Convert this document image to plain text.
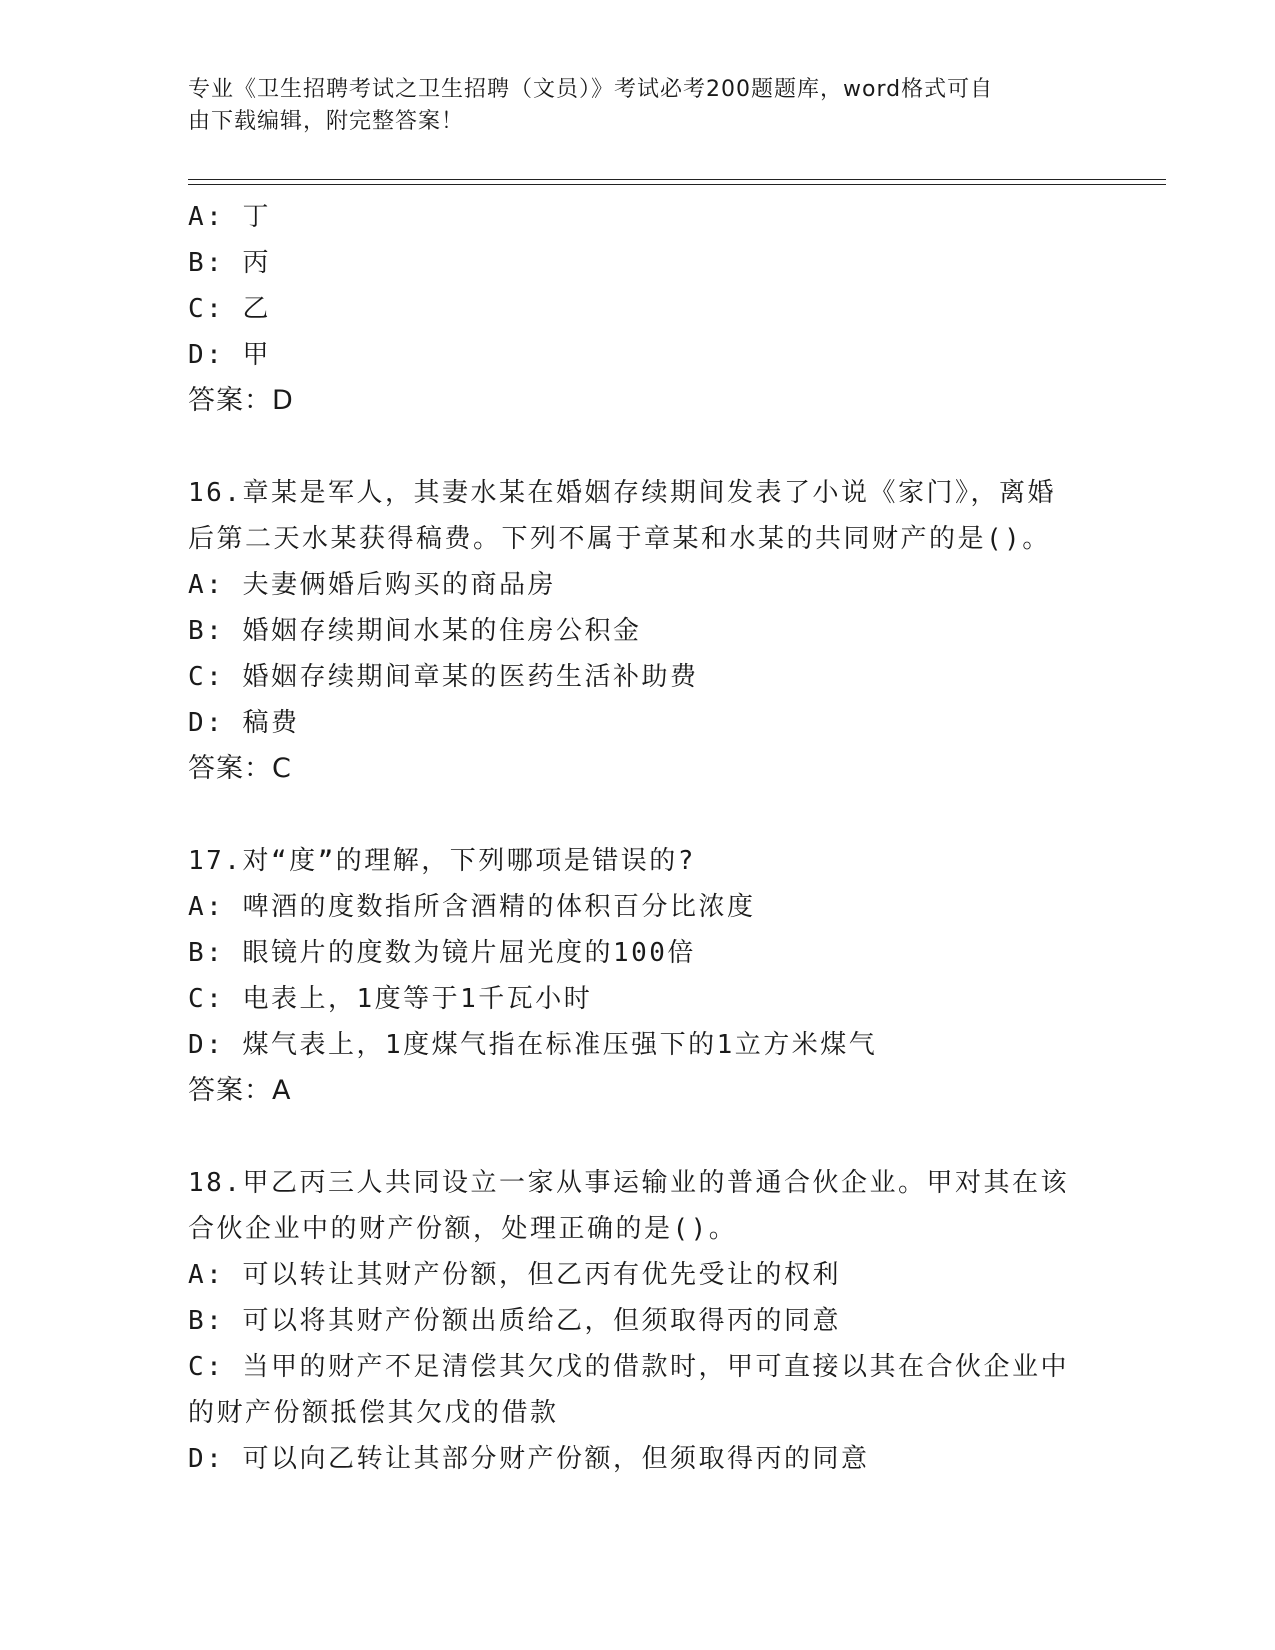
专业《卫生招聘考试之卫生招聘（文员）》考试必考200题题库，word格式可自
由下载编辑，附完整答案！
A: 丁
B: 丙
C: 乙
D: 甲
答案：D
16.章某是军人，其妻水某在婚姻存续期间发表了小说《家门》，离婚
后第二天水某获得稿费。下列不属于章某和水某的共同财产的是()。
A: 夫妻俩婚后购买的商品房
B: 婚姻存续期间水某的住房公积金
C: 婚姻存续期间章某的医药生活补助费
D: 稿费
答案：C
17.对“度”的理解，下列哪项是错误的?
A: 啤酒的度数指所含酒精的体积百分比浓度
B: 眼镜片的度数为镜片屈光度的100倍
C: 电表上，1度等于1千瓦小时
D: 煤气表上，1度煤气指在标准压强下的1立方米煤气
答案：A
18.甲乙丙三人共同设立一家从事运输业的普通合伙企业。甲对其在该
合伙企业中的财产份额，处理正确的是()。
A: 可以转让其财产份额，但乙丙有优先受让的权利
B: 可以将其财产份额出质给乙，但须取得丙的同意
C: 当甲的财产不足清偿其欠戊的借款时，甲可直接以其在合伙企业中
的财产份额抵偿其欠戊的借款
D: 可以向乙转让其部分财产份额，但须取得丙的同意
